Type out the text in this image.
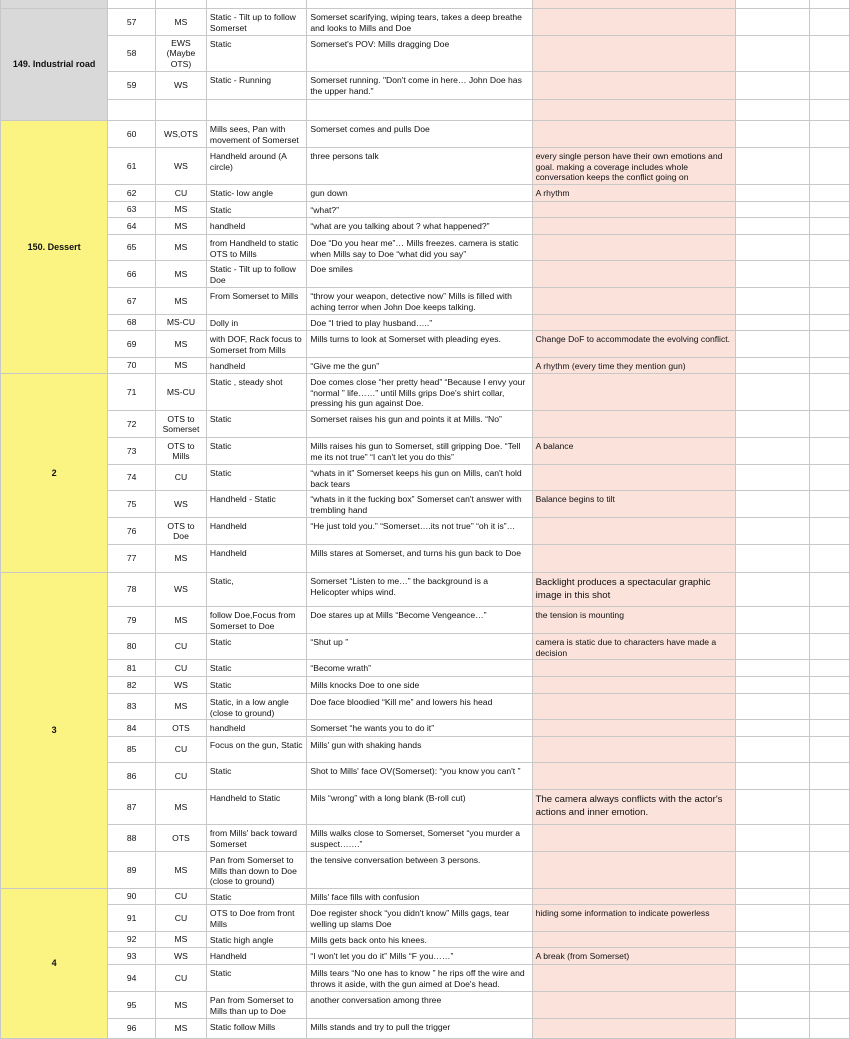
149. Industrial road	57	MS	Static - Tilt up to follow Somerset	Somerset scarifying, wiping tears, takes a deep breathe and looks to Mills and Doe			
	58	EWS (Maybe OTS)	Static	Somerset's POV: Mills dragging Doe			
	59	WS	Static - Running	Somerset running. "Don't come in here… John Doe has the upper hand."			

150. Dessert	60	WS,OTS	Mills sees, Pan with movement of Somerset	Somerset comes and pulls Doe			
	61	WS	Handheld around (A circle)	three persons talk	every single person have their own emotions and goal. making a coverage includes whole conversation keeps the conflict going on		
	62	CU	Static- low angle	gun down	A rhythm		
	63	MS	Static	“what?”			
	64	MS	handheld	“what are you talking about ? what happened?”			
	65	MS	from Handheld to static OTS to Mills	Doe “Do you hear me”… Mills freezes. camera is static when Mills say to Doe “what did you say”			
	66	MS	Static - Tilt up to follow Doe	Doe smiles			
	67	MS	From Somerset to Mills	“throw your weapon, detective now” Mills is filled with aching terror when John Doe keeps talking.			
	68	MS-CU	Dolly in	Doe “I tried to play husband…..”			
	69	MS	with DOF, Rack focus to Somerset from Mills	Mills turns to look at Somerset with pleading eyes.	Change DoF to accommodate the evolving conflict.		
	70	MS	handheld	“Give me the gun”	A rhythm (every time they mention gun)		
2	71	MS-CU	Static , steady shot	Doe comes close “her pretty head” “Because I envy your “normal ” life……” until Mills grips Doe's shirt collar, pressing his gun against Doe.			
	72	OTS to Somerset	Static	Somerset raises his gun and points it at Mills. “No”			
	73	OTS to Mills	Static	Mills raises his gun to Somerset, still gripping Doe. “Tell me its not true” “I can't let you do this”	A balance		
	74	CU	Static	“whats in it” Somerset keeps his gun on Mills, can't hold back tears			
	75	WS	Handheld - Static	“whats in it the fucking box” Somerset can't answer with trembling hand	Balance begins to tilt		
	76	OTS to Doe	Handheld	“He just told you.” “Somerset….its not true” “oh it is”…			
	77	MS	Handheld	Mills stares at Somerset, and turns his gun back to Doe			
3	78	WS	Static,	Somerset “Listen to me…” the background is a Helicopter whips wind.	Backlight produces a spectacular graphic image in this shot		
	79	MS	follow Doe,Focus from Somerset to Doe	Doe stares up at Mills “Become Vengeance…”	the tension is mounting		
	80	CU	Static	“Shut up ”	camera is static due to characters have made a decision		
	81	CU	Static	“Become wrath”			
	82	WS	Static	Mills knocks Doe to one side			
	83	MS	Static, in a low angle (close to ground)	Doe face bloodied “Kill me” and lowers his head			
	84	OTS	handheld	Somerset “he wants you to do it”			
	85	CU	Focus on the gun, Static	Mills' gun with shaking hands			
	86	CU	Static	Shot to Mills' face OV(Somerset): “you know you can't ”			
	87	MS	Handheld to Static	Mils “wrong” with a long blank (B-roll cut)	The camera always conflicts with the actor's actions and inner emotion.		
	88	OTS	from Mills' back toward Somerset	Mills walks close to Somerset, Somerset “you murder a suspect…….”			
	89	MS	Pan from Somerset to Mills than down to Doe (close to ground)	the tensive conversation between 3 persons.			
4	90	CU	Static	Mills' face fills with confusion			
	91	CU	OTS to Doe from front Mills	Doe register shock “you didn't know” Mills gags, tear welling up slams Doe	hiding some information to indicate powerless		
	92	MS	Static high angle	Mills gets back onto his knees.			
	93	WS	Handheld	“I won't let you do it” Mills “F you……”	A break (from Somerset)		
	94	CU	Static	Mills tears “No one has to know ” he rips off the wire and throws it aside, with the gun aimed at Doe's head.			
	95	MS	Pan from Somerset to Mills than up to Doe	another conversation among three			
	96	MS	Static follow Mills	Mills stands and try to pull the trigger			
